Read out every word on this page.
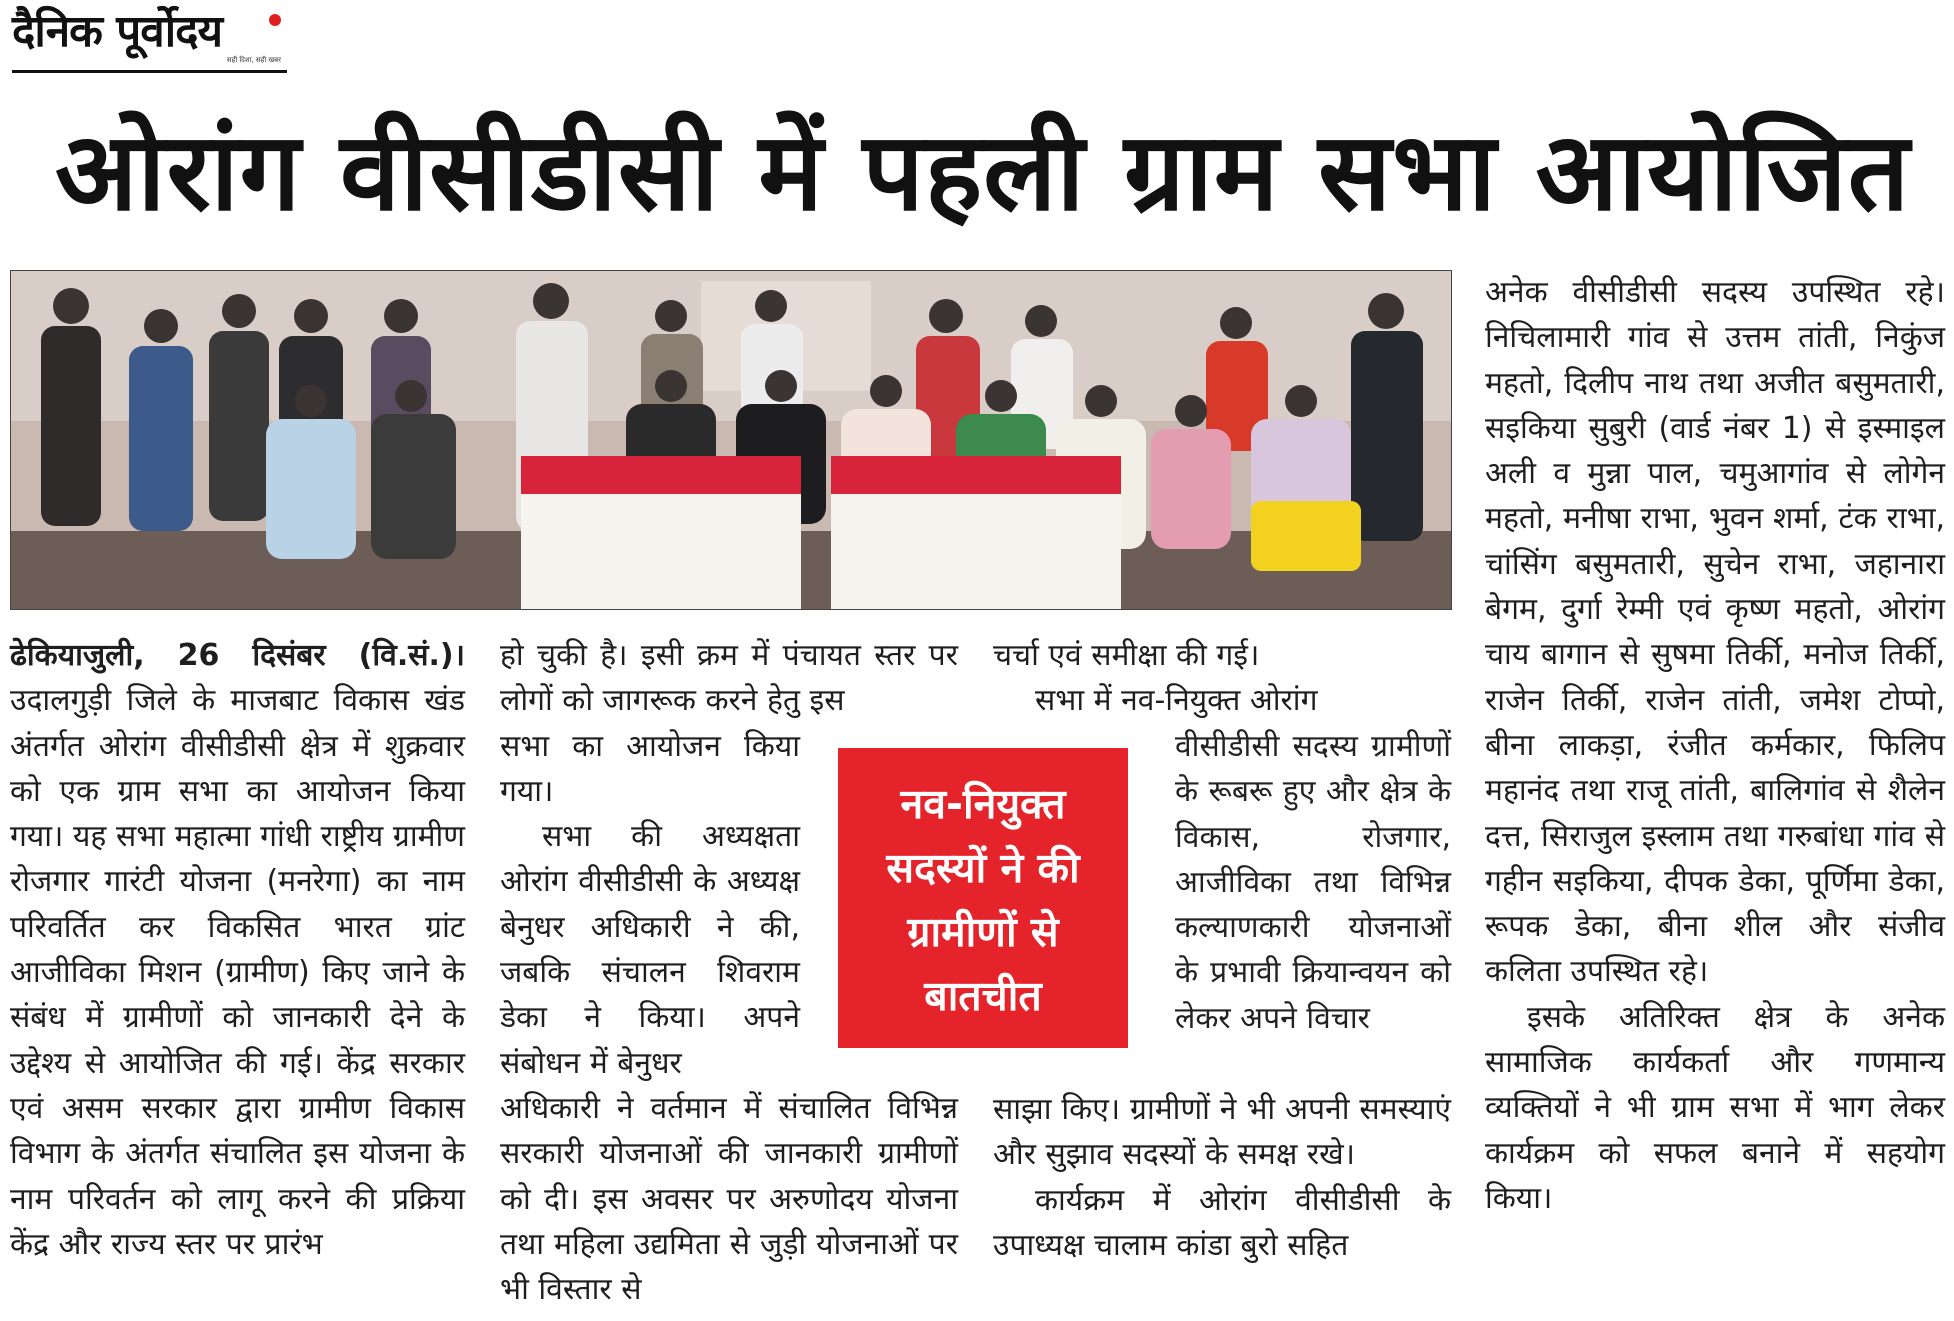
दैनिक पूर्वोदय
सही दिशा, सही खबर
ओरांग वीसीडीसी में पहली ग्राम सभा आयोजित

ढेकियाजुली, 26 दिसंबर (वि.सं.)।उदालगुड़ी जिले के माजबाट विकास खंड अंतर्गत ओरांग वीसीडीसी क्षेत्र में शुक्रवार को एक ग्राम सभा का आयोजन किया गया। यह सभा महात्मा गांधी राष्ट्रीय ग्रामीण रोजगार गारंटी योजना (मनरेगा) का नाम परिवर्तित कर विकसित भारत ग्रांट आजीविका मिशन (ग्रामीण) किए जाने के संबंध में ग्रामीणों को जानकारी देने के उद्देश्य से आयोजित की गई। केंद्र सरकार एवं असम सरकार द्वारा ग्रामीण विकास विभाग के अंतर्गत संचालित इस योजना के नाम परिवर्तन को लागू करने की प्रक्रिया केंद्र और राज्य स्तर पर प्रारंभ

हो चुकी है। इसी क्रम में पंचायत स्तर पर लोगों को जागरूक करने हेतु इस

सभा का आयोजन किया गया।

सभा की अध्यक्षता ओरांग वीसीडीसी के अध्यक्ष बेनुधर अधिकारी ने की, जबकि संचालन शिवराम डेका ने किया। अपने संबोधन में बेनुधर

अधिकारी ने वर्तमान में संचालित विभिन्न सरकारी योजनाओं की जानकारी ग्रामीणों को दी। इस अवसर पर अरुणोदय योजना तथा महिला उद्यमिता से जुड़ी योजनाओं पर भी विस्तार से

चर्चा एवं समीक्षा की गई।

सभा में नव-नियुक्त ओरांग

वीसीडीसी सदस्य ग्रामीणों के रूबरू हुए और क्षेत्र के विकास, रोजगार, आजीविका तथा विभिन्न कल्याणकारी योजनाओं के प्रभावी क्रियान्वयन को लेकर अपने विचार

साझा किए। ग्रामीणों ने भी अपनी समस्याएं और सुझाव सदस्यों के समक्ष रखे।

कार्यक्रम में ओरांग वीसीडीसी के उपाध्यक्ष चालाम कांडा बुरो सहित

नव-नियुक्त
सदस्यों ने की
ग्रामीणों से
बातचीत

अनेक वीसीडीसी सदस्य उपस्थित रहे। निचिलामारी गांव से उत्तम तांती, निकुंज महतो, दिलीप नाथ तथा अजीत बसुमतारी, सइकिया सुबुरी (वार्ड नंबर 1) से इस्माइल अली व मुन्ना पाल, चमुआगांव से लोगेन महतो, मनीषा राभा, भुवन शर्मा, टंक राभा, चांसिंग बसुमतारी, सुचेन राभा, जहानारा बेगम, दुर्गा रेम्मी एवं कृष्ण महतो, ओरांग चाय बागान से सुषमा तिर्की, मनोज तिर्की, राजेन तिर्की, राजेन तांती, जमेश टोप्पो, बीना लाकड़ा, रंजीत कर्मकार, फिलिप महानंद तथा राजू तांती, बालिगांव से शैलेन दत्त, सिराजुल इस्लाम तथा गरुबांधा गांव से गहीन सइकिया, दीपक डेका, पूर्णिमा डेका, रूपक डेका, बीना शील और संजीव कलिता उपस्थित रहे।

इसके अतिरिक्त क्षेत्र के अनेक सामाजिक कार्यकर्ता और गणमान्य व्यक्तियों ने भी ग्राम सभा में भाग लेकर कार्यक्रम को सफल बनाने में सहयोग किया।
